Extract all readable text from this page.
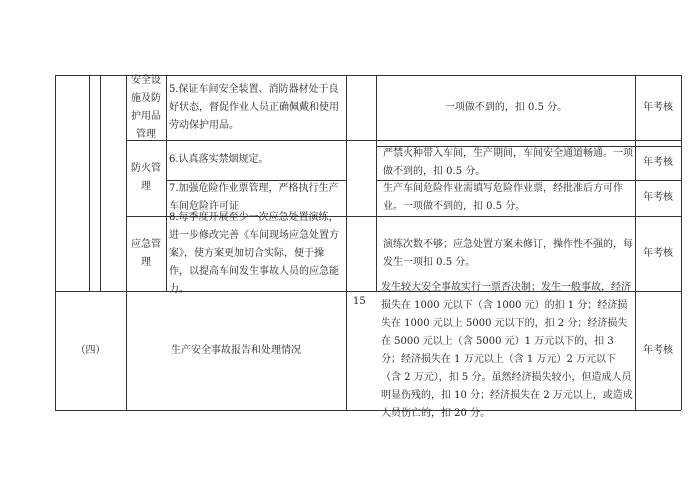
安全设施及防护用品管理
5.保证车间安全装置、消防器材处于良好状态，督促作业人员正确佩戴和使用劳动保护用品。
一项做不到的，扣 0.5 分。	年考核
防火管理
6.认真落实禁烟规定。
严禁火种带入车间，生产期间，车间安全通道畅通。一项做不到的，扣 0.5 分。
年考核
7.加强危险作业票管理，严格执行生产车间危险许可证
生产车间危险作业需填写危险作业票，经批准后方可作业。一项做不到的，扣 0.5 分。
年考核
应急管理
8.每季度开展至少一次应急处置演练，进一步修改完善《车间现场应急处置方案》，使方案更加切合实际，便于操作，以提高车间发生事故人员的应急能力。
演练次数不够；应急处置方案未修订，操作性不强的，每发生一项扣 0.5 分。
年考核
（四）	生产安全事故报告和处理情况
15
发生较大安全事故实行一票否决制；发生一般事故，经济损失在 1000 元以下（含 1000 元）的扣 1 分；经济损失在 1000 元以上 5000 元以下的，扣 2 分；经济损失在 5000 元以上（含 5000 元）1 万元以下的，扣 3 分；经济损失在 1 万元以上（含 1 万元）2 万元以下（含 2 万元），扣 5 分。虽然经济损失较小，但造成人员明显伤残的，扣 10 分；经济损失在 2 万元以上，或造成人员伤亡的，扣 20 分。
年考核
